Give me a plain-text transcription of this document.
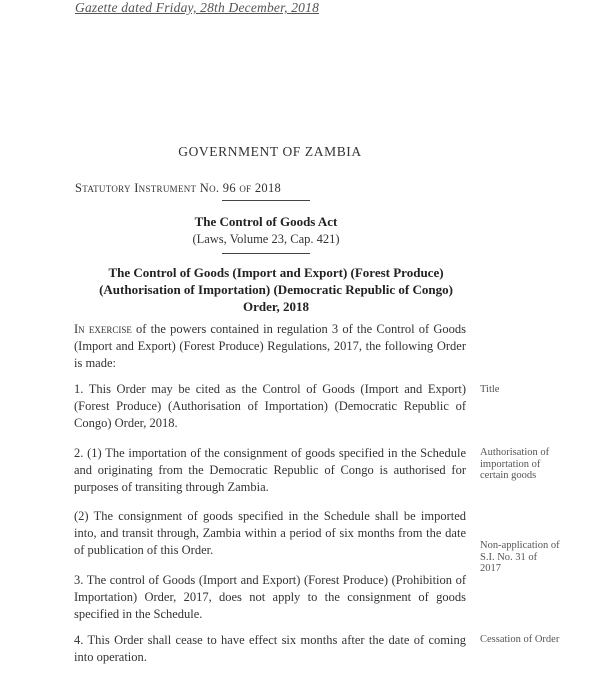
Gazette dated Friday, 28th December, 2018
GOVERNMENT OF ZAMBIA
Statutory Instrument No. 96 of 2018
The Control of Goods Act
(Laws, Volume 23, Cap. 421)
The Control of Goods (Import and Export) (Forest Produce) (Authorisation of Importation) (Democratic Republic of Congo) Order, 2018
In exercise of the powers contained in regulation 3 of the Control of Goods (Import and Export) (Forest Produce) Regulations, 2017, the following Order is made:
1. This Order may be cited as the Control of Goods (Import and Export) (Forest Produce) (Authorisation of Importation) (Democratic Republic of Congo) Order, 2018.
2. (1) The importation of the consignment of goods specified in the Schedule and originating from the Democratic Republic of Congo is authorised for purposes of transiting through Zambia.
(2) The consignment of goods specified in the Schedule shall be imported into, and transit through, Zambia within a period of six months from the date of publication of this Order.
3. The control of Goods (Import and Export) (Forest Produce) (Prohibition of Importation) Order, 2017, does not apply to the consignment of goods specified in the Schedule.
4. This Order shall cease to have effect six months after the date of coming into operation.
Title
Authorisation of importation of certain goods
Non-application of S.I. No. 31 of 2017
Cessation of Order
